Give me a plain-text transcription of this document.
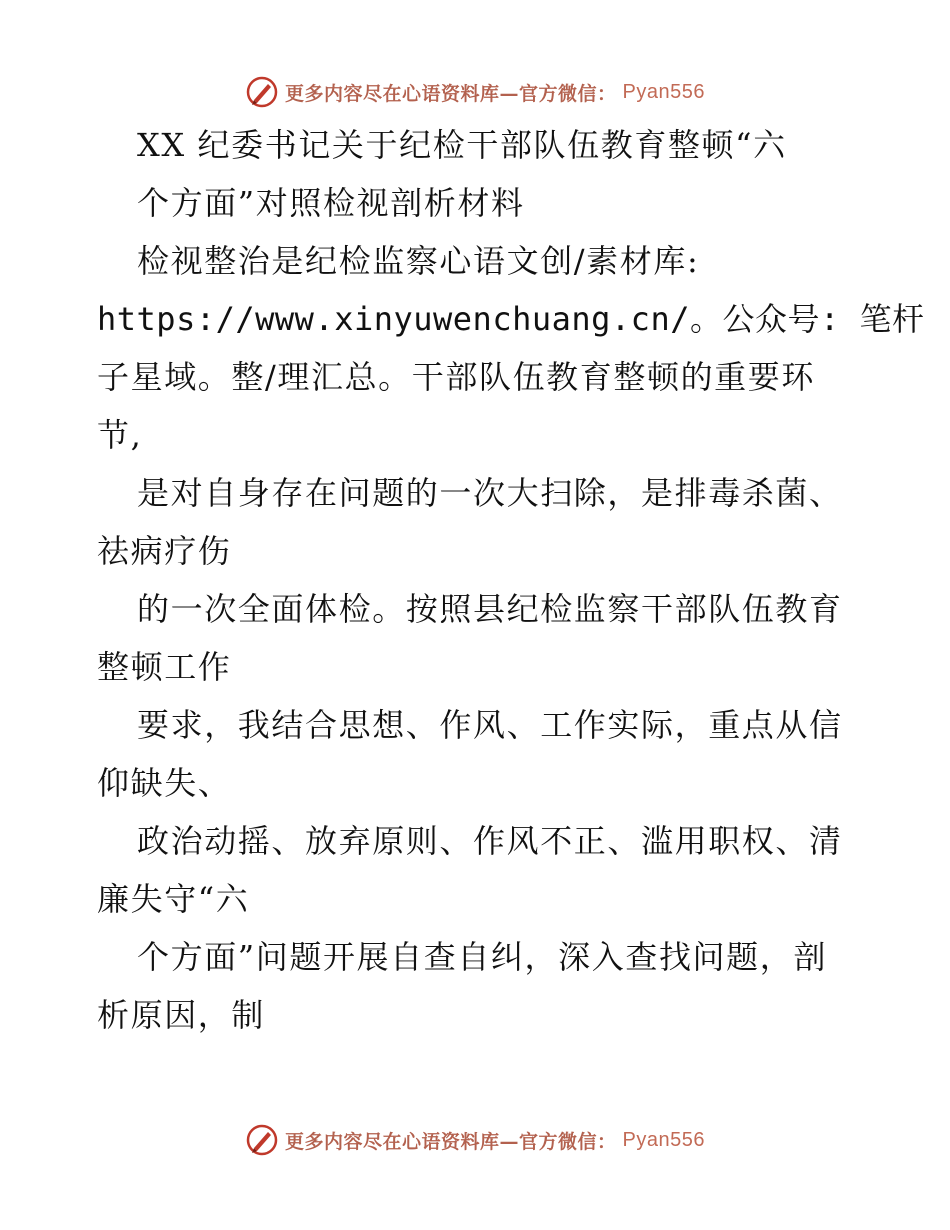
更多内容尽在心语资料库—官方微信： Pyan556
XX 纪委书记关于纪检干部队伍教育整顿“六
个方面”对照检视剖析材料
检视整治是纪检监察心语文创/素材库:
https://www.xinyuwenchuang.cn/。公众号: 笔杆
子星域。整/理汇总。干部队伍教育整顿的重要环
节,
是对自身存在问题的一次大扫除，是排毒杀菌、
祛病疗伤
的一次全面体检。按照县纪检监察干部队伍教育
整顿工作
要求，我结合思想、作风、工作实际，重点从信
仰缺失、
政治动摇、放弃原则、作风不正、滥用职权、清
廉失守“六
个方面”问题开展自查自纠，深入查找问题，剖
析原因，制
更多内容尽在心语资料库—官方微信： Pyan556
